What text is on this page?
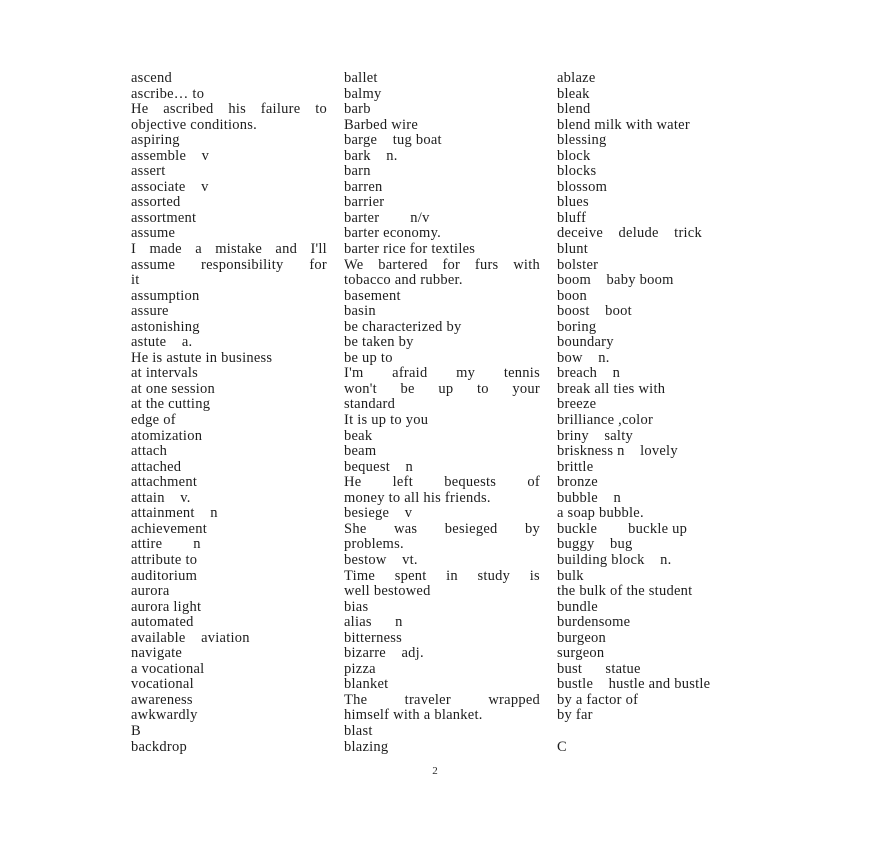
ascend
ascribe… to
He ascribed his failure to
objective conditions.
aspiring
assemble    v
assert
associate    v
assorted
assortment
assume
I made a mistake and I'll
assume responsibility for
it
assumption
assure
astonishing
astute    a.
He is astute in business
at intervals
at one session
at the cutting
edge of
atomization
attach
attached
attachment
attain    v.
attainment    n
achievement
attire        n
attribute to
auditorium
aurora
aurora light
automated
available    aviation
navigate
a vocational
vocational
awareness
awkwardly
B
backdrop
ballet
balmy
barb
Barbed wire
barge    tug boat
bark    n.
barn
barren
barrier
barter        n/v
barter economy.
barter rice for textiles
We bartered for furs with
tobacco and rubber.
basement
basin
be characterized by
be taken by
be up to
I'm afraid my tennis
won't be up to your
standard
It is up to you
beak
beam
bequest    n
He left bequests of
money to all his friends.
besiege    v
She was besieged by
problems.
bestow    vt.
Time spent in study is
well bestowed
bias
alias      n
bitterness
bizarre    adj.
pizza
blanket
The	traveler	wrapped
himself with a blanket.
blast
blazing
ablaze
bleak
blend
blend milk with water
blessing
block
blocks
blossom
blues
bluff
deceive    delude    trick
blunt
bolster
boom    baby boom
boon
boost    boot
boring
boundary
bow    n.
breach    n
break all ties with
breeze
brilliance ,color
briny    salty
briskness n    lovely
brittle
bronze
bubble    n
a soap bubble.
buckle        buckle up
buggy    bug
building block    n.
bulk
the bulk of the student
bundle
burdensome
burgeon
surgeon
bust      statue
bustle    hustle and bustle
by a factor of
by far

C
2
